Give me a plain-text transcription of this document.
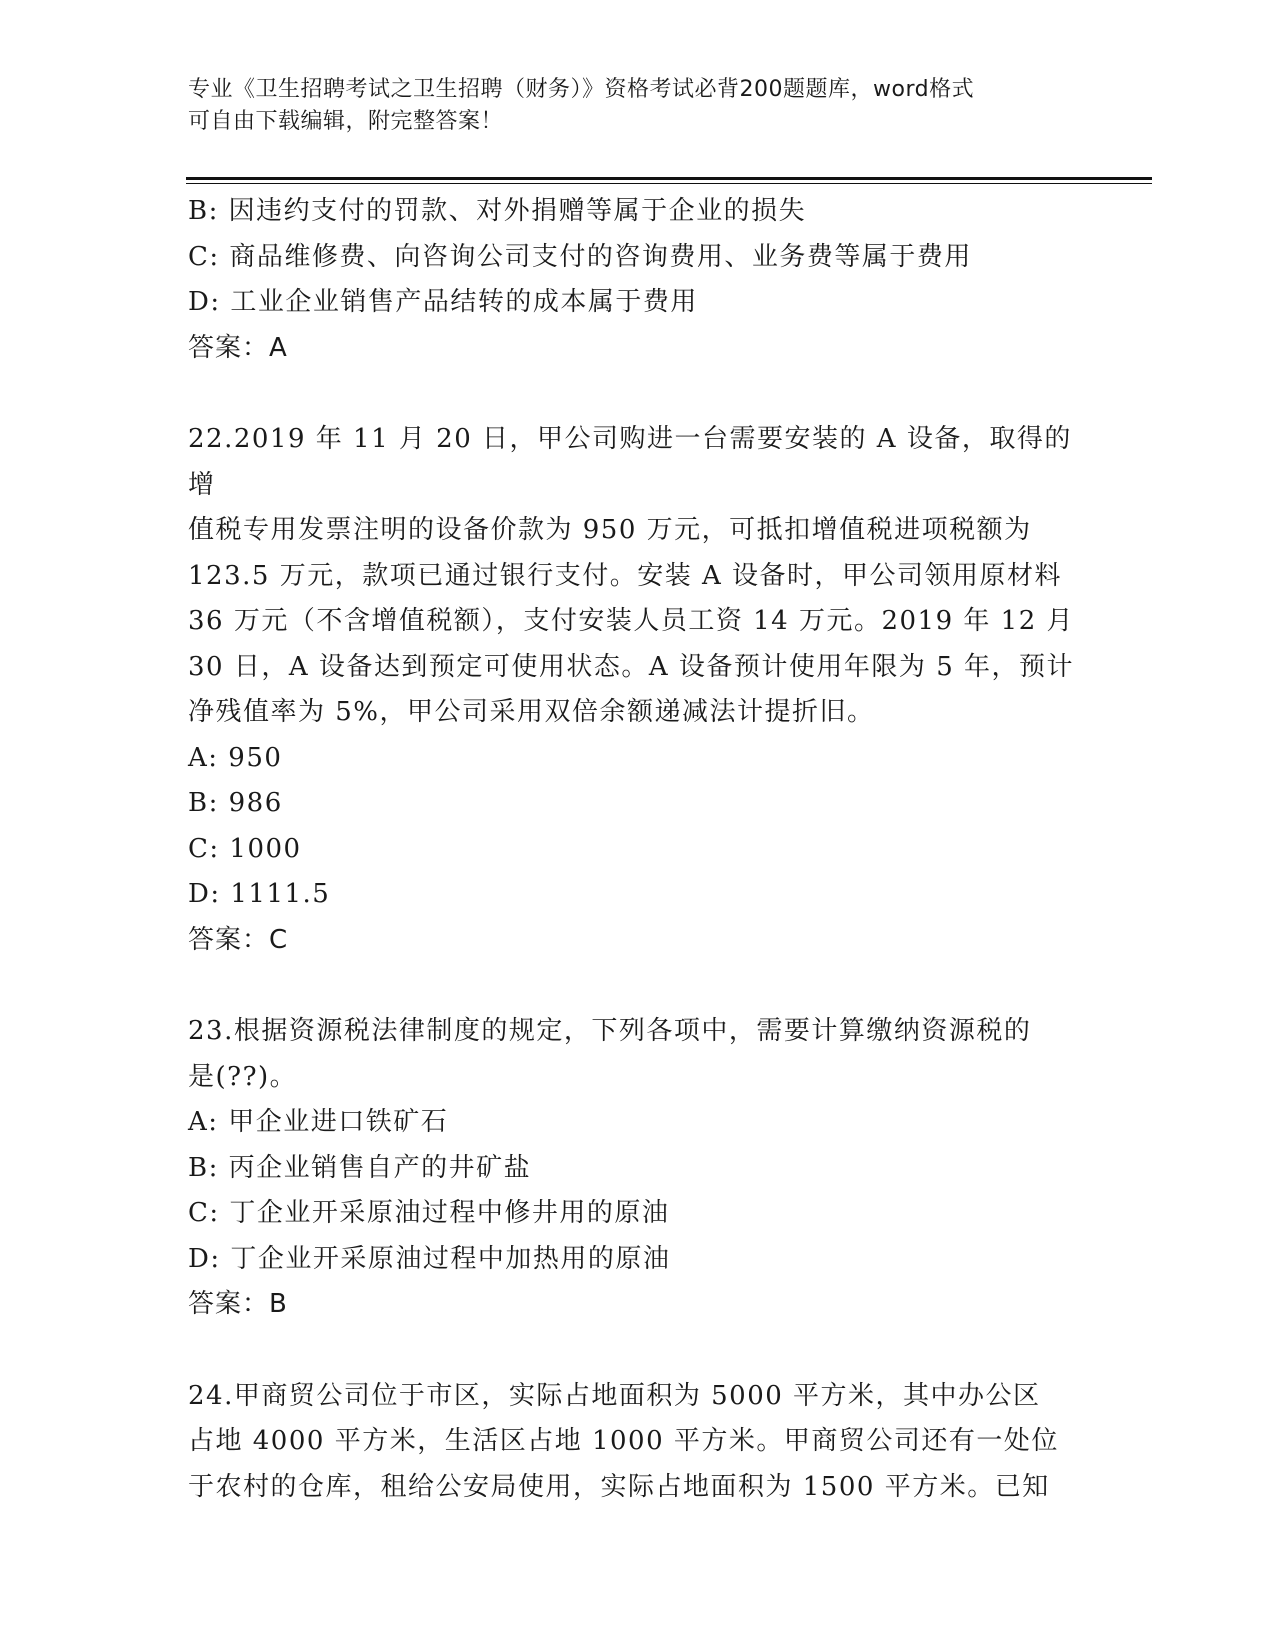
专业《卫生招聘考试之卫生招聘（财务）》资格考试必背200题题库，word格式
可自由下载编辑，附完整答案！

B: 因违约支付的罚款、对外捐赠等属于企业的损失

C: 商品维修费、向咨询公司支付的咨询费用、业务费等属于费用

D: 工业企业销售产品结转的成本属于费用

答案：A

22.2019 年 11 月 20 日，甲公司购进一台需要安装的 A 设备，取得的增
值税专用发票注明的设备价款为 950 万元，可抵扣增值税进项税额为
123.5 万元，款项已通过银行支付。安装 A 设备时，甲公司领用原材料
36 万元（不含增值税额），支付安装人员工资 14 万元。2019 年 12 月
30 日，A 设备达到预定可使用状态。A 设备预计使用年限为 5 年，预计
净残值率为 5%，甲公司采用双倍余额递减法计提折旧。

A: 950

B: 986

C: 1000

D: 1111.5

答案：C

23.根据资源税法律制度的规定，下列各项中，需要计算缴纳资源税的
是(??)。

A: 甲企业进口铁矿石

B: 丙企业销售自产的井矿盐

C: 丁企业开采原油过程中修井用的原油

D: 丁企业开采原油过程中加热用的原油

答案：B

24.甲商贸公司位于市区，实际占地面积为 5000 平方米，其中办公区
占地 4000 平方米，生活区占地 1000 平方米。甲商贸公司还有一处位
于农村的仓库，租给公安局使用，实际占地面积为 1500 平方米。已知
